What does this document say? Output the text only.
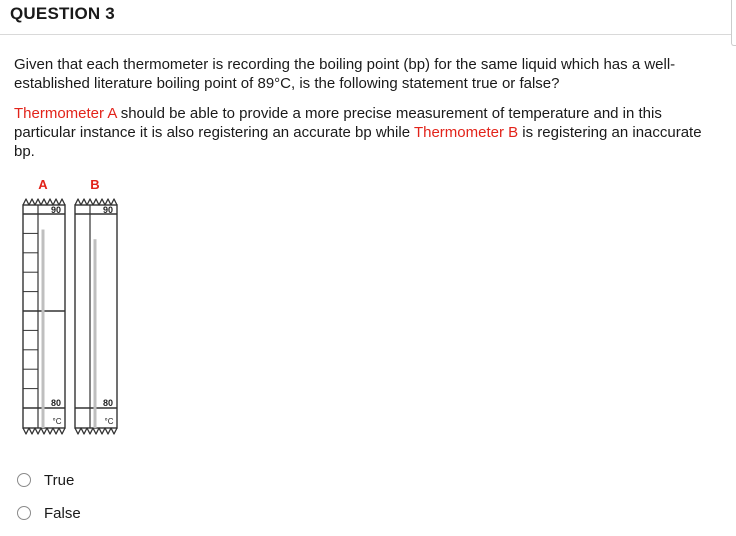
QUESTION 3

Given that each thermometer is recording the boiling point (bp) for the same liquid which has a well-established literature boiling point of 89°C, is the following statement true or false?

Thermometer A should be able to provide a more precise measurement of temperature and in this particular instance it is also registering an accurate bp while Thermometer B is registering an inaccurate bp.

A
90
80
°C
B
90
80
°C
True
False
